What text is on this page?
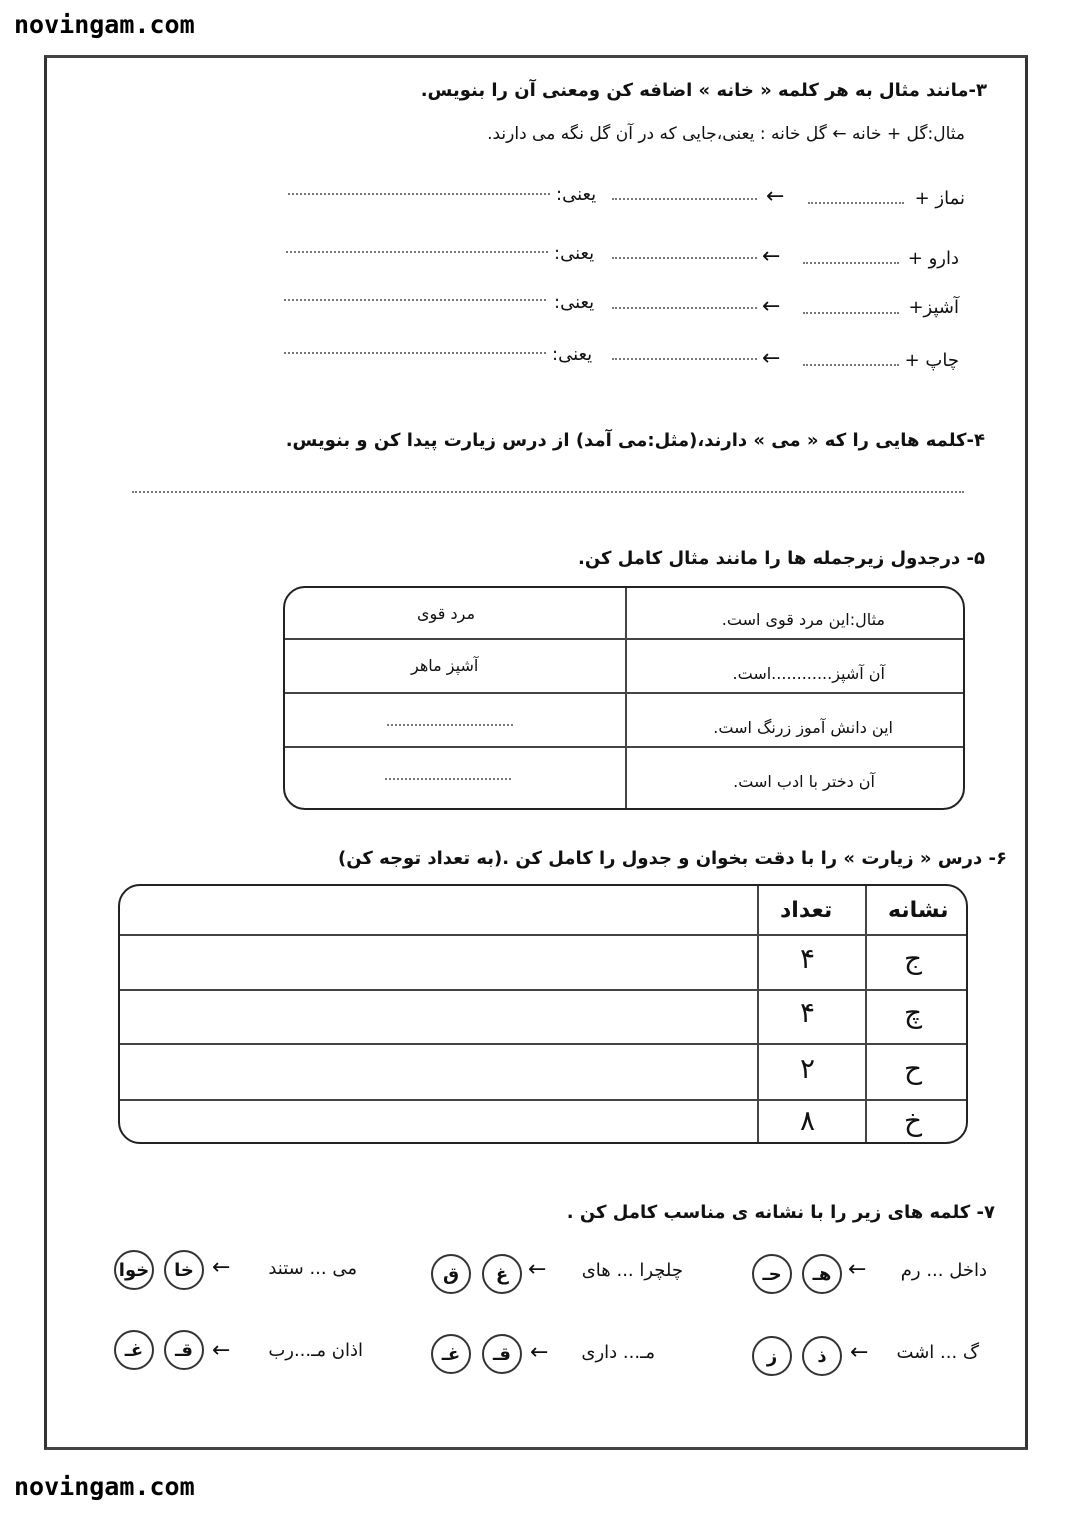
novingam.com
novingam.com
۳-مانند مثال به هر کلمه « خانه » اضافه کن ومعنی آن را بنویس.
مثال:گل + خانه ← گل خانه : یعنی،جایی که در آن گل نگه می دارند.
نماز +
←
یعنی:
دارو +
←
یعنی:
آشپز+
←
یعنی:
چاپ +
←
یعنی:
۴-کلمه هایی را که « می » دارند،(مثل:می آمد) از درس زیارت پیدا کن و بنویس.
۵- درجدول زیرجمله ها را مانند مثال کامل کن.
مثال:این مرد قوی است.
مرد قوی
آن آشپز............است.
آشپز ماهر
این دانش آموز زرنگ است.
آن دختر با ادب است.
۶- درس « زیارت » را با دقت بخوان و جدول را کامل کن .(به تعداد توجه کن)
نشانه
تعداد
ج
۴
چ
۴
ح
۲
خ
۸
۷- کلمه های زیر را با نشانه ی مناسب کامل کن .
داخل ... رم
←
هـ
حـ
چلچرا ... های
←
غ
ق
می ... ستند
←
خا
خوا
گ ... اشت
←
ذ
ز
مـ... داری
←
قـ
غـ
اذان مـ...رب
←
قـ
غـ
